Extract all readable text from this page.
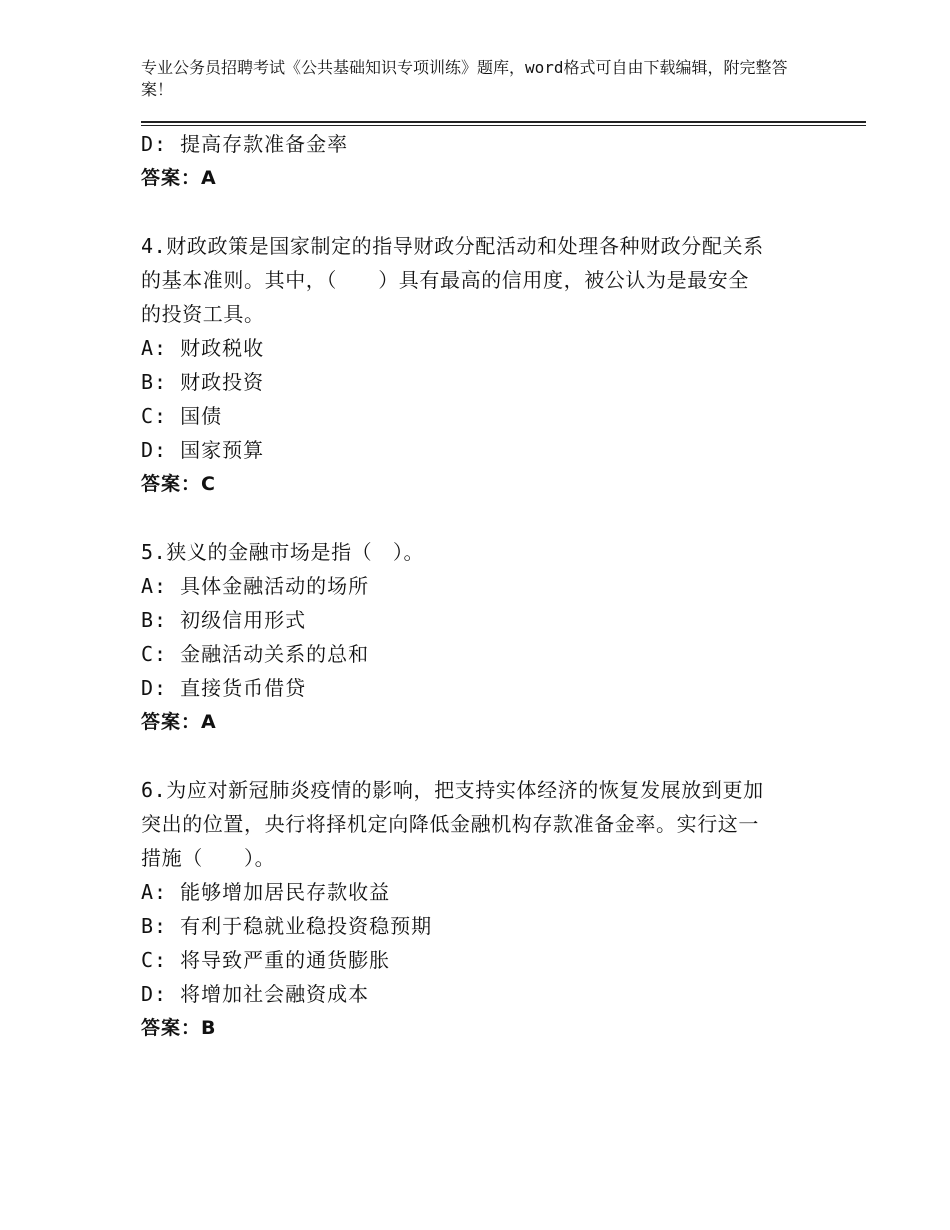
专业公务员招聘考试《公共基础知识专项训练》题库，word格式可自由下载编辑，附完整答案！
D: 提高存款准备金率
答案：A
4.财政政策是国家制定的指导财政分配活动和处理各种财政分配关系
的基本准则。其中，（　　）具有最高的信用度，被公认为是最安全
的投资工具。
A: 财政税收
B: 财政投资
C: 国债
D: 国家预算
答案：C
5.狭义的金融市场是指（　）。
A: 具体金融活动的场所
B: 初级信用形式
C: 金融活动关系的总和
D: 直接货币借贷
答案：A
6.为应对新冠肺炎疫情的影响，把支持实体经济的恢复发展放到更加
突出的位置，央行将择机定向降低金融机构存款准备金率。实行这一
措施（　　）。
A: 能够增加居民存款收益
B: 有利于稳就业稳投资稳预期
C: 将导致严重的通货膨胀
D: 将增加社会融资成本
答案：B
